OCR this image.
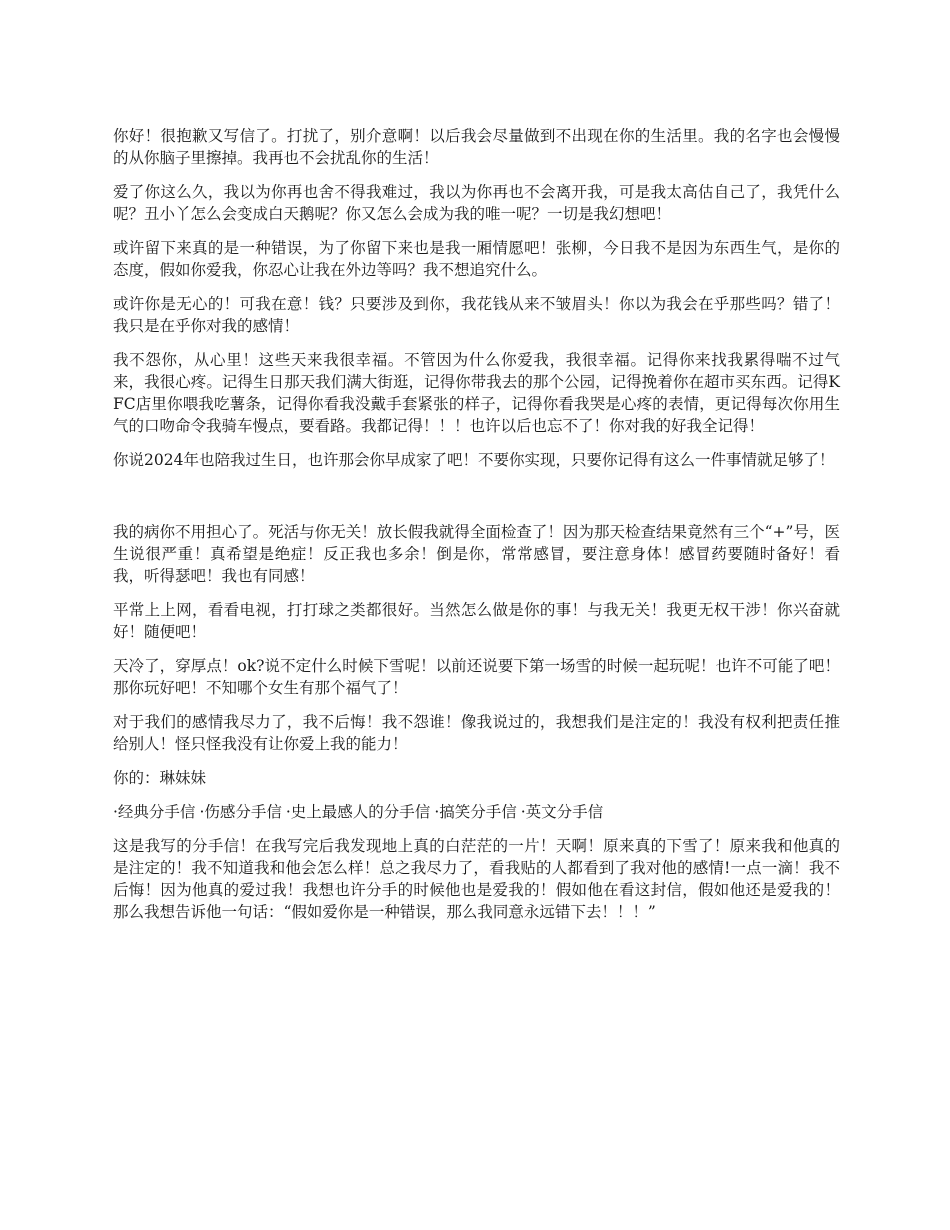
你好！很抱歉又写信了。打扰了，别介意啊！以后我会尽量做到不出现在你的生活里。我的名字也会慢慢的从你脑子里擦掉。我再也不会扰乱你的生活！

爱了你这么久，我以为你再也舍不得我难过，我以为你再也不会离开我，可是我太高估自己了，我凭什么呢？丑小丫怎么会变成白天鹅呢？你又怎么会成为我的唯一呢？一切是我幻想吧！

或许留下来真的是一种错误，为了你留下来也是我一厢情愿吧！张柳，今日我不是因为东西生气，是你的态度，假如你爱我，你忍心让我在外边等吗？我不想追究什么。

或许你是无心的！可我在意！钱？只要涉及到你，我花钱从来不皱眉头！你以为我会在乎那些吗？错了！我只是在乎你对我的感情！

我不怨你，从心里！这些天来我很幸福。不管因为什么你爱我，我很幸福。记得你来找我累得喘不过气来，我很心疼。记得生日那天我们满大街逛，记得你带我去的那个公园，记得挽着你在超市买东西。记得KFC店里你喂我吃薯条，记得你看我没戴手套紧张的样子，记得你看我哭是心疼的表情，更记得每次你用生气的口吻命令我骑车慢点，要看路。我都记得！！！也许以后也忘不了！你对我的好我全记得！

你说2024年也陪我过生日，也许那会你早成家了吧！不要你实现，只要你记得有这么一件事情就足够了！

我的病你不用担心了。死活与你无关！放长假我就得全面检查了！因为那天检查结果竟然有三个“+”号，医生说很严重！真希望是绝症！反正我也多余！倒是你，常常感冒，要注意身体！感冒药要随时备好！看我，听得瑟吧！我也有同感！

平常上上网，看看电视，打打球之类都很好。当然怎么做是你的事！与我无关！我更无权干涉！你兴奋就好！随便吧！

天冷了，穿厚点！ok?说不定什么时候下雪呢！以前还说要下第一场雪的时候一起玩呢！也许不可能了吧！那你玩好吧！不知哪个女生有那个福气了！

对于我们的感情我尽力了，我不后悔！我不怨谁！像我说过的，我想我们是注定的！我没有权利把责任推给别人！怪只怪我没有让你爱上我的能力！

你的：琳妹妹

·经典分手信 ·伤感分手信 ·史上最感人的分手信 ·搞笑分手信 ·英文分手信

这是我写的分手信！在我写完后我发现地上真的白茫茫的一片！天啊！原来真的下雪了！原来我和他真的是注定的！我不知道我和他会怎么样！总之我尽力了，看我贴的人都看到了我对他的感情!一点一滴！我不后悔！因为他真的爱过我！我想也许分手的时候他也是爱我的！假如他在看这封信，假如他还是爱我的！那么我想告诉他一句话：“假如爱你是一种错误，那么我同意永远错下去！！！”
